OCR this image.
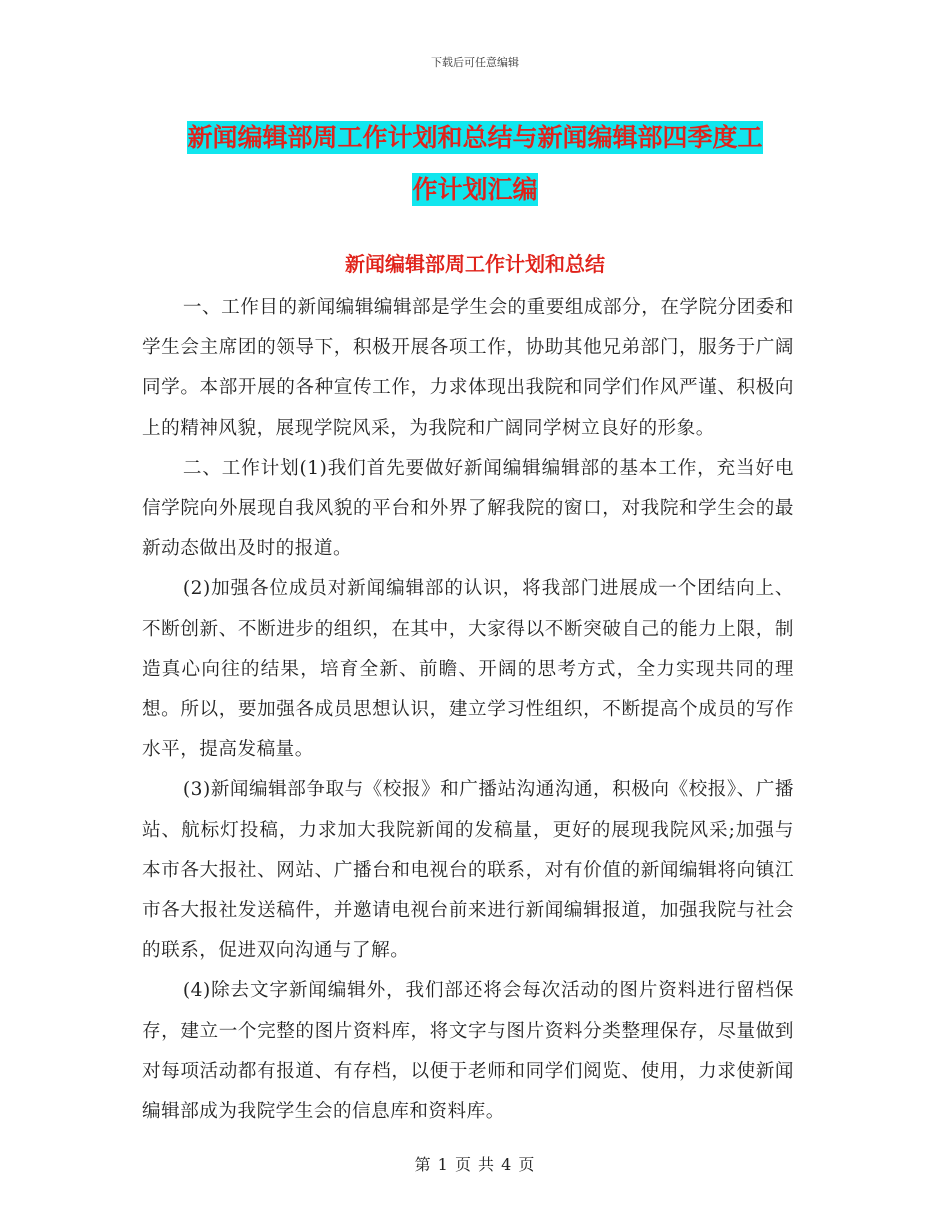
下载后可任意编辑
新闻编辑部周工作计划和总结与新闻编辑部四季度工
作计划汇编
新闻编辑部周工作计划和总结

一、工作目的新闻编辑编辑部是学生会的重要组成部分，在学院分团委和学生会主席团的领导下，积极开展各项工作，协助其他兄弟部门，服务于广阔同学。本部开展的各种宣传工作，力求体现出我院和同学们作风严谨、积极向上的精神风貌，展现学院风采，为我院和广阔同学树立良好的形象。

二、工作计划(1)我们首先要做好新闻编辑编辑部的基本工作，充当好电信学院向外展现自我风貌的平台和外界了解我院的窗口，对我院和学生会的最新动态做出及时的报道。

(2)加强各位成员对新闻编辑部的认识，将我部门进展成一个团结向上、不断创新、不断进步的组织，在其中，大家得以不断突破自己的能力上限，制造真心向往的结果，培育全新、前瞻、开阔的思考方式，全力实现共同的理想。所以，要加强各成员思想认识，建立学习性组织，不断提高个成员的写作水平，提高发稿量。

(3)新闻编辑部争取与《校报》和广播站沟通沟通，积极向《校报》、广播站、航标灯投稿，力求加大我院新闻的发稿量，更好的展现我院风采;加强与本市各大报社、网站、广播台和电视台的联系，对有价值的新闻编辑将向镇江市各大报社发送稿件，并邀请电视台前来进行新闻编辑报道，加强我院与社会的联系，促进双向沟通与了解。

(4)除去文字新闻编辑外，我们部还将会每次活动的图片资料进行留档保存，建立一个完整的图片资料库，将文字与图片资料分类整理保存，尽量做到对每项活动都有报道、有存档，以便于老师和同学们阅览、使用，力求使新闻编辑部成为我院学生会的信息库和资料库。

第 1 页 共 4 页
